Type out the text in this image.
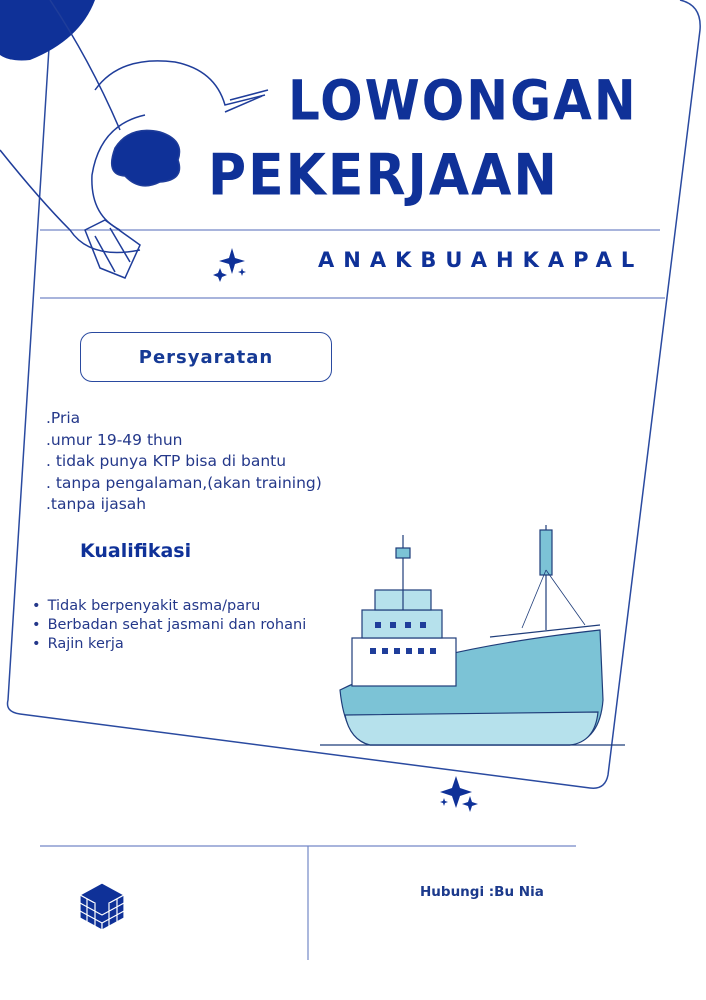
LOWONGAN
PEKERJAAN
ANAKBUAHKAPAL
Persyaratan
.Pria
.umur 19-49 thun
. tidak punya KTP bisa di bantu
. tanpa pengalaman,(akan training)
.tanpa ijasah
Kualifikasi
• Tidak berpenyakit asma/paru
• Berbadan sehat jasmani dan rohani
• Rajin kerja
Hubungi :Bu Nia
